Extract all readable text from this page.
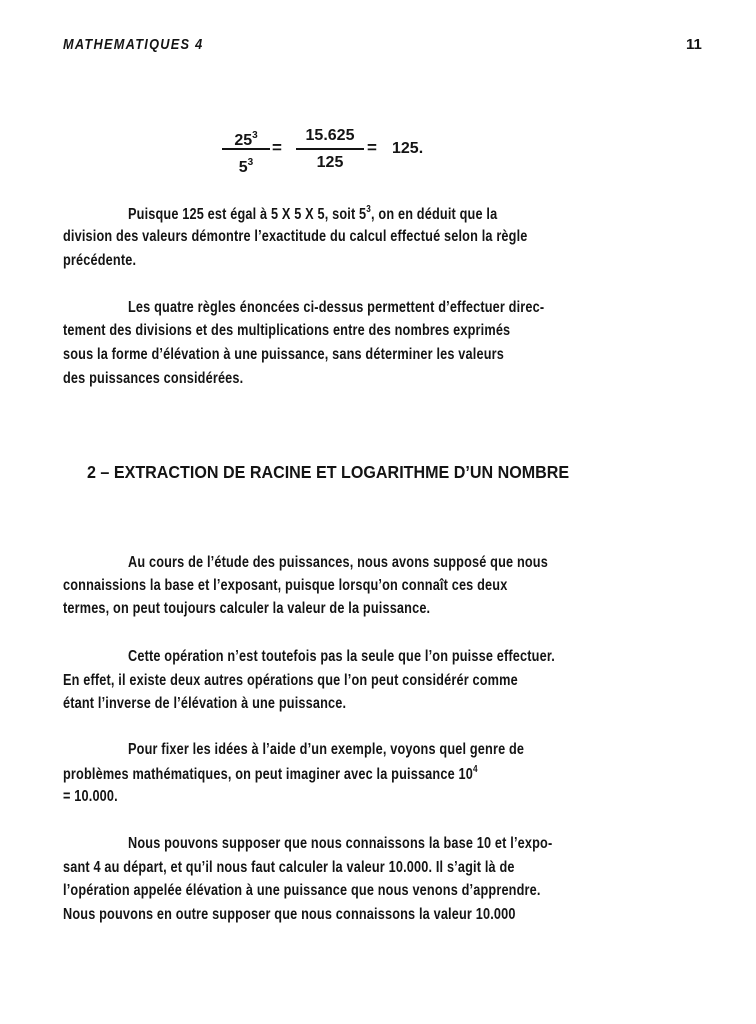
MATHEMATIQUES 4	11
$25^3$
$5^3$
=
15.625
125
= 125.
Puisque 125 est égal à 5 X 5 X 5, soit $5^3$, on en déduit que la
division des valeurs démontre l’exactitude du calcul effectué selon la règle
précédente.
Les quatre règles énoncées ci-dessus permettent d’effectuer direc-
tement des divisions et des multiplications entre des nombres exprimés
sous la forme d’élévation à une puissance, sans déterminer les valeurs
des puissances considérées.
2 – EXTRACTION DE RACINE ET LOGARITHME D’UN NOMBRE
Au cours de l’étude des puissances, nous avons supposé que nous
connaissions la base et l’exposant, puisque lorsqu’on connaît ces deux
termes, on peut toujours calculer la valeur de la puissance.
Cette opération n’est toutefois pas la seule que l’on puisse effectuer.
En effet, il existe deux autres opérations que l’on peut considérér comme
étant l’inverse de l’élévation à une puissance.
Pour fixer les idées à l’aide d’un exemple, voyons quel genre de
problèmes mathématiques, on peut imaginer avec la puissance $10^4$
= 10.000.
Nous pouvons supposer que nous connaissons la base 10 et l’expo-
sant 4 au départ, et qu’il nous faut calculer la valeur 10.000. Il s’agit là de
l’opération appelée élévation à une puissance que nous venons d’apprendre.
Nous pouvons en outre supposer que nous connaissons la valeur 10.000
